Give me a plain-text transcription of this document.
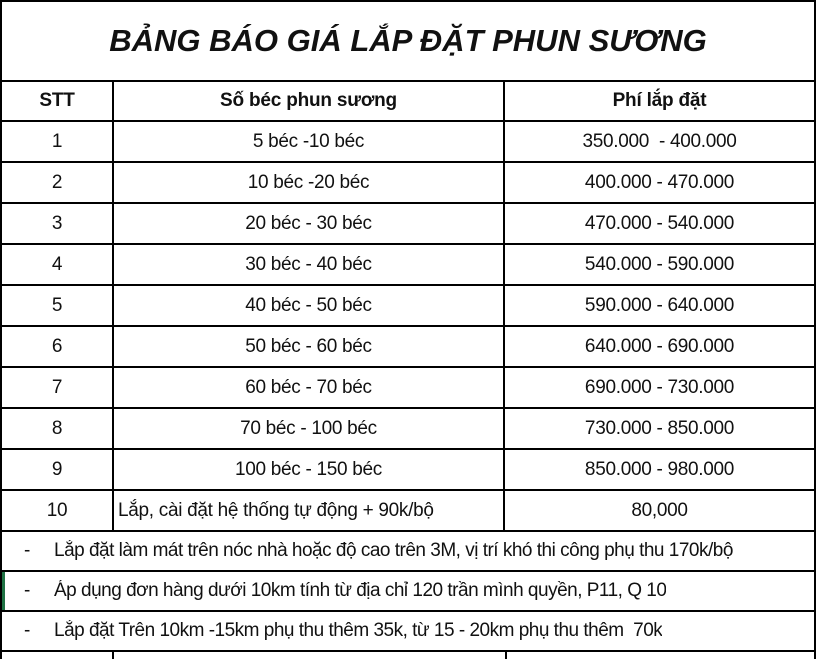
BẢNG BÁO GIÁ LẮP ĐẶT PHUN SƯƠNG
STT	Số béc phun sương	Phí lắp đặt
1	5 béc -10 béc	350.000  - 400.000
2	10 béc -20 béc	400.000 - 470.000
3	20 béc - 30 béc	470.000 - 540.000
4	30 béc - 40 béc	540.000 - 590.000
5	40 béc - 50 béc	590.000 - 640.000
6	50 béc - 60 béc	640.000 - 690.000
7	60 béc - 70 béc	690.000 - 730.000
8	70 béc - 100 béc	730.000 - 850.000
9	100 béc - 150 béc	850.000 - 980.000
10	Lắp, cài đặt hệ thống tự động + 90k/bộ	80,000
-	Lắp đặt làm mát trên nóc nhà hoặc độ cao trên 3M, vị trí khó thi công phụ thu 170k/bộ
-	Áp dụng đơn hàng dưới 10km tính từ địa chỉ 120 trần mình quyền, P11, Q 10
-	Lắp đặt Trên 10km -15km phụ thu thêm 35k, từ 15 - 20km phụ thu thêm  70k
